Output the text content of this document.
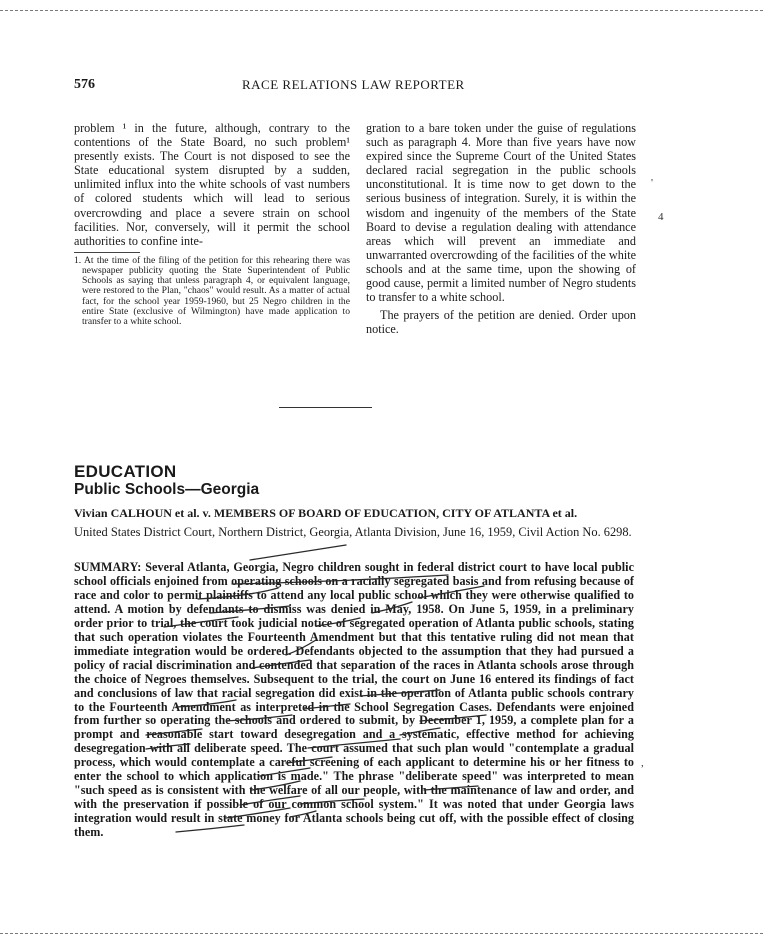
576	RACE RELATIONS LAW REPORTER

problem ¹ in the future, although, contrary to the contentions of the State Board, no such problem¹ presently exists. The Court is not disposed to see the State educational system disrupted by a sudden, unlimited influx into the white schools of vast numbers of colored students which will lead to serious overcrowding and place a severe strain on school facilities. Nor, conversely, will it permit the school authorities to confine inte-

1. At the time of the filing of the petition for this rehearing there was newspaper publicity quoting the State Superintendent of Public Schools as saying that unless paragraph 4, or equivalent language, were restored to the Plan, "chaos" would result. As a matter of actual fact, for the school year 1959-1960, but 25 Negro children in the entire State (exclusive of Wilmington) have made application to transfer to a white school.

gration to a bare token under the guise of regulations such as paragraph 4. More than five years have now expired since the Supreme Court of the United States declared racial segregation in the public schools unconstitutional. It is time now to get down to the serious business of integration. Surely, it is within the wisdom and ingenuity of the members of the State Board to devise a regulation dealing with attendance areas which will prevent an immediate and unwarranted overcrowding of the facilities of the white schools and at the same time, upon the showing of good cause, permit a limited number of Negro students to transfer to a white school.

The prayers of the petition are denied. Order upon notice.

'
4
,
EDUCATION
Public Schools—Georgia
Vivian CALHOUN et al. v. MEMBERS OF BOARD OF EDUCATION, CITY OF ATLANTA et al.
United States District Court, Northern District, Georgia, Atlanta Division, June 16, 1959, Civil Action No. 6298.
SUMMARY: Several Atlanta, Georgia, Negro children sought in federal district court to have local public school officials enjoined from operating schools on a racially segregated basis and from refusing because of race and color to permit plaintiffs to attend any local public school which they were otherwise qualified to attend. A motion by defendants to dismiss was denied in May, 1958. On June 5, 1959, in a preliminary order prior to trial, the court took judicial notice of segregated operation of Atlanta public schools, stating that such operation violates the Fourteenth Amendment but that this tentative ruling did not mean that immediate integration would be ordered. Defendants objected to the assumption that they had pursued a policy of racial discrimination and contended that separation of the races in Atlanta schools arose through the choice of Negroes themselves. Subsequent to the trial, the court on June 16 entered its findings of fact and conclusions of law that racial segregation did exist in the operation of Atlanta public schools contrary to the Fourteenth Amendment as interpreted in the School Segregation Cases. Defendants were enjoined from further so operating the schools and ordered to submit, by December 1, 1959, a complete plan for a prompt and reasonable start toward desegregation and a systematic, effective method for achieving desegregation with all deliberate speed. The court assumed that such plan would "contemplate a gradual process, which would contemplate a careful screening of each applicant to determine his or her fitness to enter the school to which application is made." The phrase "deliberate speed" was interpreted to mean "such speed as is consistent with the welfare of all our people, with the maintenance of law and order, and with the preservation if possible of our common school system." It was noted that under Georgia laws integration would result in state money for Atlanta schools being cut off, with the possible effect of closing them.
